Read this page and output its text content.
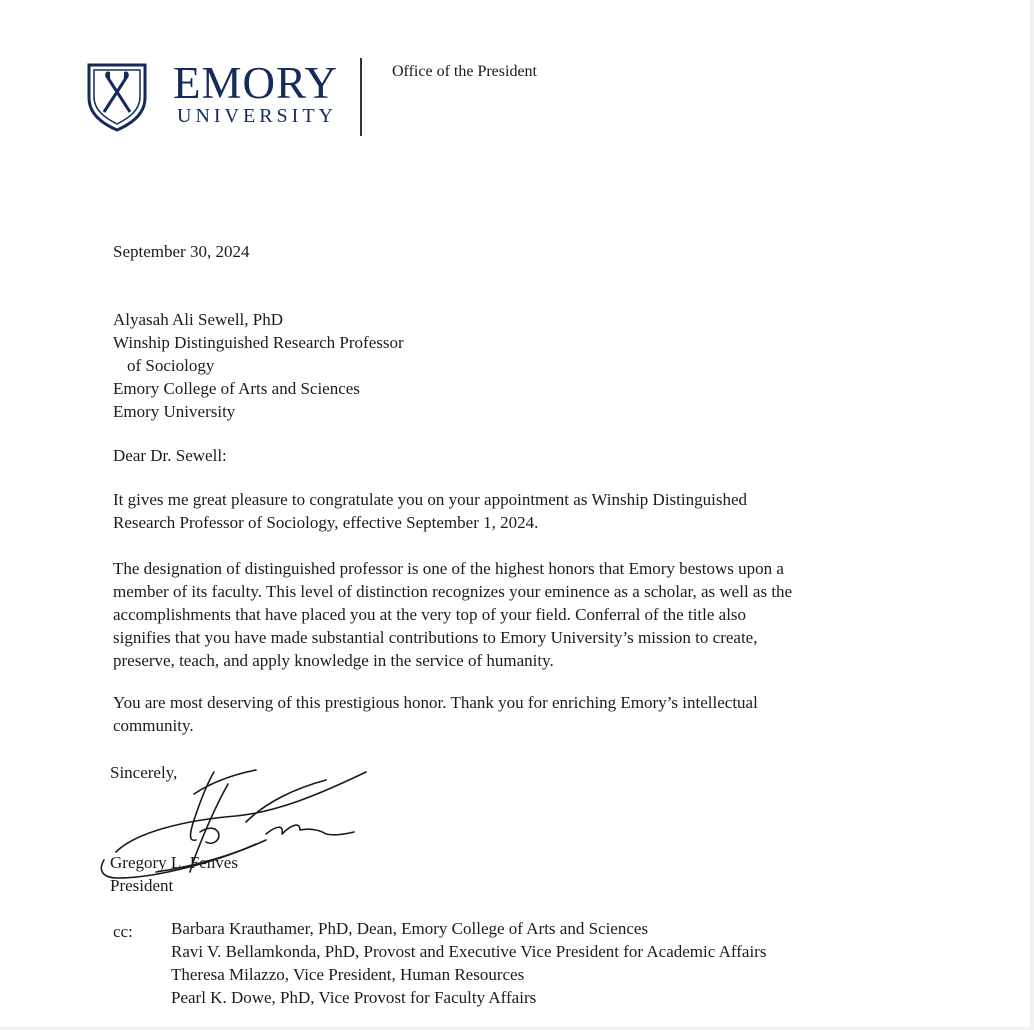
EMORY
UNIVERSITY
Office of the President
September 30, 2024
Alyasah Ali Sewell, PhD
Winship Distinguished Research Professor
of Sociology
Emory College of Arts and Sciences
Emory University
Dear Dr. Sewell:
It gives me great pleasure to congratulate you on your appointment as Winship Distinguished
Research Professor of Sociology, effective September 1, 2024.
The designation of distinguished professor is one of the highest honors that Emory bestows upon a
member of its faculty. This level of distinction recognizes your eminence as a scholar, as well as the
accomplishments that have placed you at the very top of your field. Conferral of the title also
signifies that you have made substantial contributions to Emory University’s mission to create,
preserve, teach, and apply knowledge in the service of humanity.
You are most deserving of this prestigious honor. Thank you for enriching Emory’s intellectual
community.
Sincerely,
Gregory L. Fenves
President
cc: Barbara Krauthamer, PhD, Dean, Emory College of Arts and Sciences
Ravi V. Bellamkonda, PhD, Provost and Executive Vice President for Academic Affairs
Theresa Milazzo, Vice President, Human Resources
Pearl K. Dowe, PhD, Vice Provost for Faculty Affairs
